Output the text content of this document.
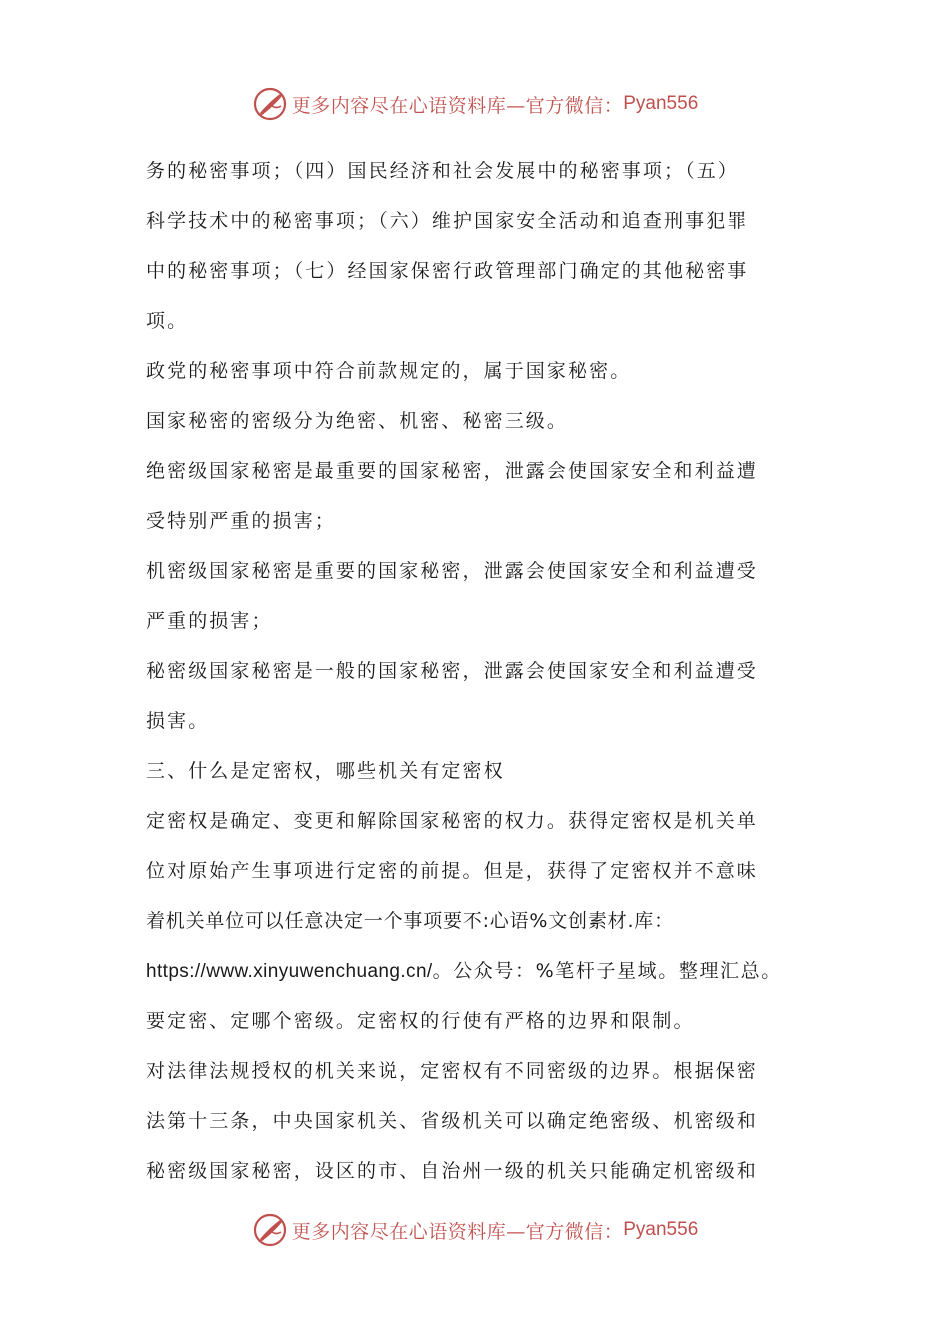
更多内容尽在心语资料库—官方微信： Pyan556
务的秘密事项；（四）国民经济和社会发展中的秘密事项；（五）
科学技术中的秘密事项；（六）维护国家安全活动和追查刑事犯罪
中的秘密事项；（七）经国家保密行政管理部门确定的其他秘密事
项。
政党的秘密事项中符合前款规定的，属于国家秘密。
国家秘密的密级分为绝密、机密、秘密三级。
绝密级国家秘密是最重要的国家秘密，泄露会使国家安全和利益遭
受特别严重的损害；
机密级国家秘密是重要的国家秘密，泄露会使国家安全和利益遭受
严重的损害；
秘密级国家秘密是一般的国家秘密，泄露会使国家安全和利益遭受
损害。
三、什么是定密权，哪些机关有定密权
定密权是确定、变更和解除国家秘密的权力。获得定密权是机关单
位对原始产生事项进行定密的前提。但是，获得了定密权并不意味
着机关单位可以任意决定一个事项要不:心语%文创素材.库：
https://www.xinyuwenchuang.cn/。公众号：%笔杆子星域。整理汇总。
要定密、定哪个密级。定密权的行使有严格的边界和限制。
对法律法规授权的机关来说，定密权有不同密级的边界。根据保密
法第十三条，中央国家机关、省级机关可以确定绝密级、机密级和
秘密级国家秘密，设区的市、自治州一级的机关只能确定机密级和
更多内容尽在心语资料库—官方微信： Pyan556
